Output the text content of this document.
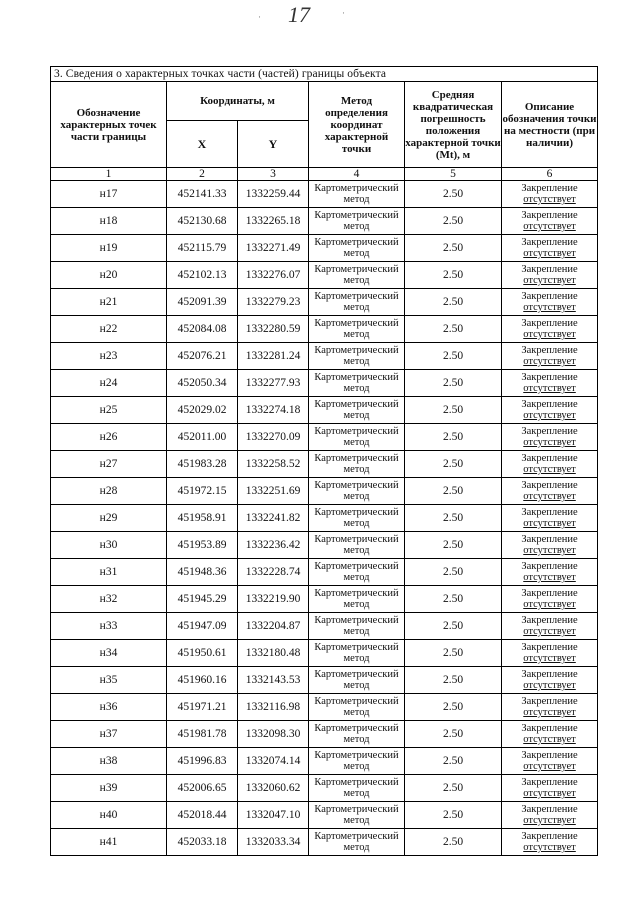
17
·	·
3. Сведения о характерных точках части (частей) границы объекта					
Обозначение характерных точек части границы	Координаты, м		Метод определения координат характерной точки	Средняя квадратическая погрешность положения характерной точки (Mt), м	Описание обозначения точки на местности (при наличии)
	X	Y			
1	2	3	4	5	6
н17	452141.33	1332259.44	Картометрический метод	2.50	Закрепление
отсутствует
н18	452130.68	1332265.18	Картометрический метод	2.50	Закрепление
отсутствует
н19	452115.79	1332271.49	Картометрический метод	2.50	Закрепление
отсутствует
н20	452102.13	1332276.07	Картометрический метод	2.50	Закрепление
отсутствует
н21	452091.39	1332279.23	Картометрический метод	2.50	Закрепление
отсутствует
н22	452084.08	1332280.59	Картометрический метод	2.50	Закрепление
отсутствует
н23	452076.21	1332281.24	Картометрический метод	2.50	Закрепление
отсутствует
н24	452050.34	1332277.93	Картометрический метод	2.50	Закрепление
отсутствует
н25	452029.02	1332274.18	Картометрический метод	2.50	Закрепление
отсутствует
н26	452011.00	1332270.09	Картометрический метод	2.50	Закрепление
отсутствует
н27	451983.28	1332258.52	Картометрический метод	2.50	Закрепление
отсутствует
н28	451972.15	1332251.69	Картометрический метод	2.50	Закрепление
отсутствует
н29	451958.91	1332241.82	Картометрический метод	2.50	Закрепление
отсутствует
н30	451953.89	1332236.42	Картометрический метод	2.50	Закрепление
отсутствует
н31	451948.36	1332228.74	Картометрический метод	2.50	Закрепление
отсутствует
н32	451945.29	1332219.90	Картометрический метод	2.50	Закрепление
отсутствует
н33	451947.09	1332204.87	Картометрический метод	2.50	Закрепление
отсутствует
н34	451950.61	1332180.48	Картометрический метод	2.50	Закрепление
отсутствует
н35	451960.16	1332143.53	Картометрический метод	2.50	Закрепление
отсутствует
н36	451971.21	1332116.98	Картометрический метод	2.50	Закрепление
отсутствует
н37	451981.78	1332098.30	Картометрический метод	2.50	Закрепление
отсутствует
н38	451996.83	1332074.14	Картометрический метод	2.50	Закрепление
отсутствует
н39	452006.65	1332060.62	Картометрический метод	2.50	Закрепление
отсутствует
н40	452018.44	1332047.10	Картометрический метод	2.50	Закрепление
отсутствует
н41	452033.18	1332033.34	Картометрический метод	2.50	Закрепление
отсутствует
